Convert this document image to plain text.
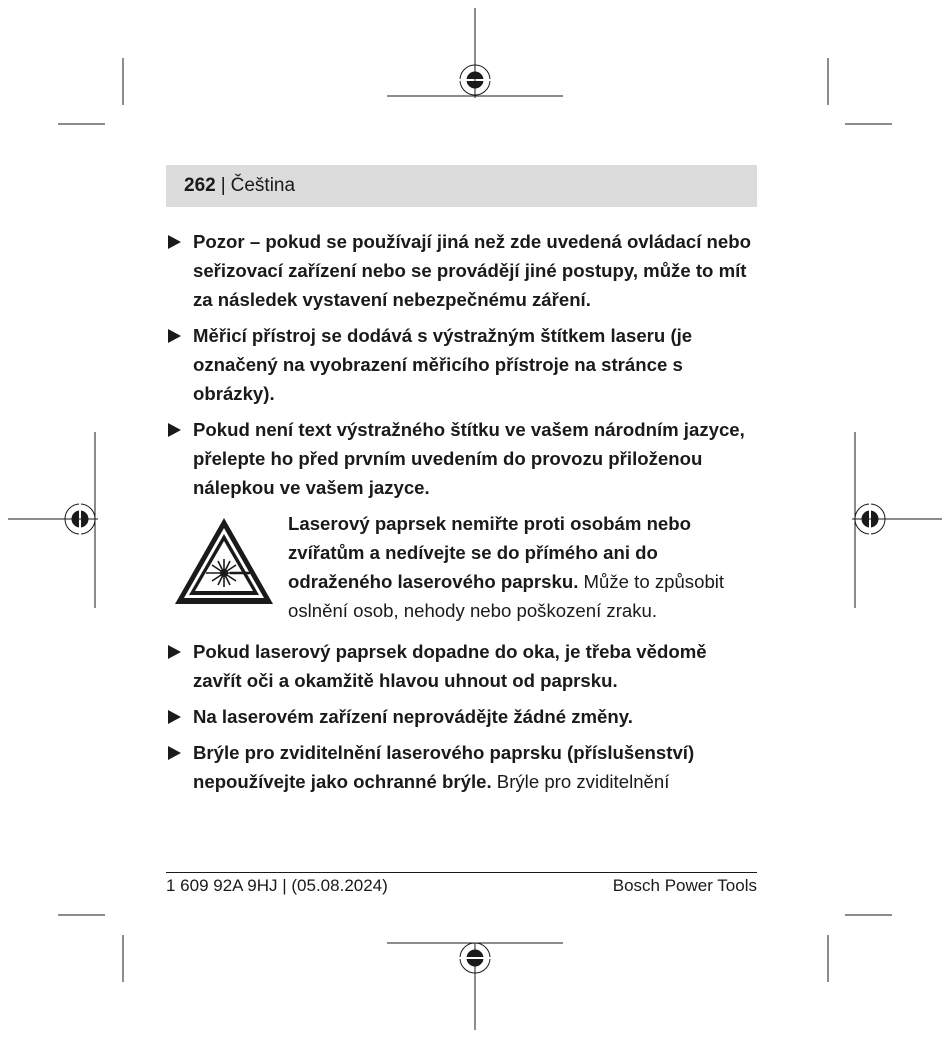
262 | Čeština
Pozor – pokud se používají jiná než zde uvedená ovládací nebo seřizovací zařízení nebo se provádějí jiné postupy, může to mít za následek vystavení nebezpečnému záření.
Měřicí přístroj se dodává s výstražným štítkem laseru (je označený na vyobrazení měřicího přístroje na stránce s obrázky).
Pokud není text výstražného štítku ve vašem národním jazyce, přelepte ho před prvním uvedením do provozu přiloženou nálepkou ve vašem jazyce.
Laserový paprsek nemiřte proti osobám nebo zvířatům a nedívejte se do přímého ani do odraženého laserového paprsku. Může to způsobit oslnění osob, nehody nebo poškození zraku.
Pokud laserový paprsek dopadne do oka, je třeba vědomě zavřít oči a okamžitě hlavou uhnout od paprsku.
Na laserovém zařízení neprovádějte žádné změny.
Brýle pro zviditelnění laserového paprsku (příslušenství) nepoužívejte jako ochranné brýle. Brýle pro zviditelnění
1 609 92A 9HJ | (05.08.2024)	Bosch Power Tools
